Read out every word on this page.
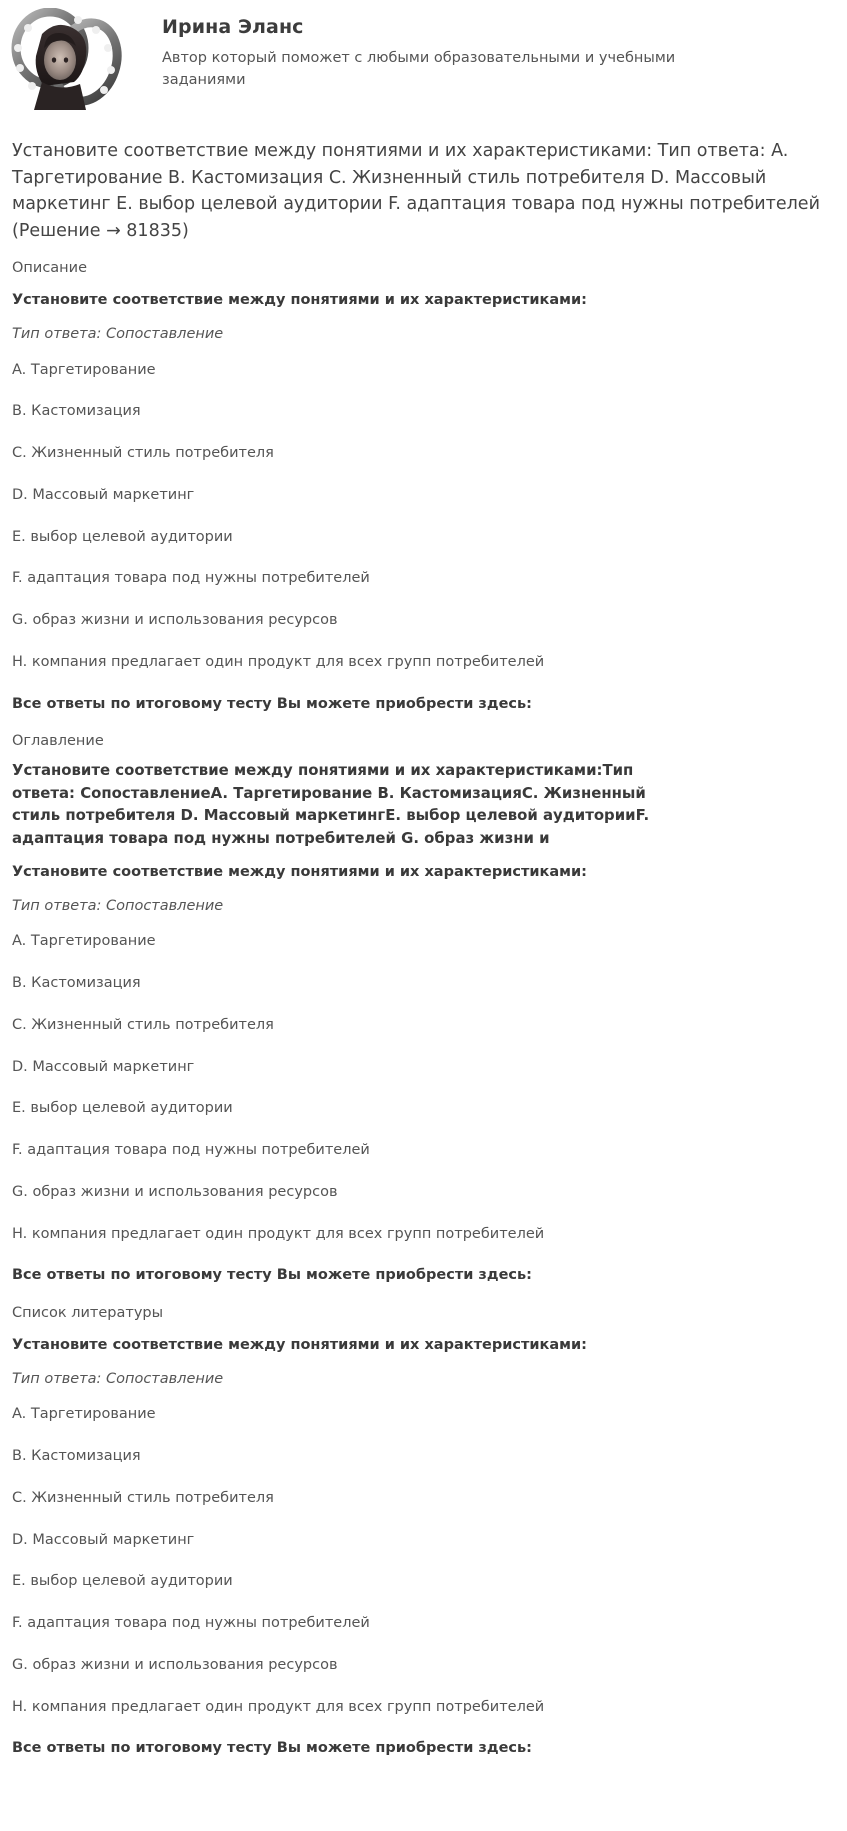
Ирина Эланс
Автор который поможет с любыми образовательными и учебными заданиями
Установите соответствие между понятиями и их характеристиками: Тип ответа: A. Таргетирование B. Кастомизация C. Жизненный стиль потребителя D. Массовый маркетинг E. выбор целевой аудитории F. адаптация товара под нужны потребителей (Решение → 81835)
Описание
Установите соответствие между понятиями и их характеристиками:
Тип ответа: Сопоставление
A. Таргетирование
B. Кастомизация
C. Жизненный стиль потребителя
D. Массовый маркетинг
E. выбор целевой аудитории
F. адаптация товара под нужны потребителей
G. образ жизни и использования ресурсов
H. компания предлагает один продукт для всех групп потребителей
Все ответы по итоговому тесту Вы можете приобрести здесь:
Оглавление
Установите соответствие между понятиями и их характеристиками:Тип ответа: СопоставлениеA. Таргетирование B. КастомизацияC. Жизненный стиль потребителя D. Массовый маркетингE. выбор целевой аудиторииF. адаптация товара под нужны потребителей G. образ жизни и
Установите соответствие между понятиями и их характеристиками:
Тип ответа: Сопоставление
A. Таргетирование
B. Кастомизация
C. Жизненный стиль потребителя
D. Массовый маркетинг
E. выбор целевой аудитории
F. адаптация товара под нужны потребителей
G. образ жизни и использования ресурсов
H. компания предлагает один продукт для всех групп потребителей
Все ответы по итоговому тесту Вы можете приобрести здесь:
Список литературы
Установите соответствие между понятиями и их характеристиками:
Тип ответа: Сопоставление
A. Таргетирование
B. Кастомизация
C. Жизненный стиль потребителя
D. Массовый маркетинг
E. выбор целевой аудитории
F. адаптация товара под нужны потребителей
G. образ жизни и использования ресурсов
H. компания предлагает один продукт для всех групп потребителей
Все ответы по итоговому тесту Вы можете приобрести здесь:
